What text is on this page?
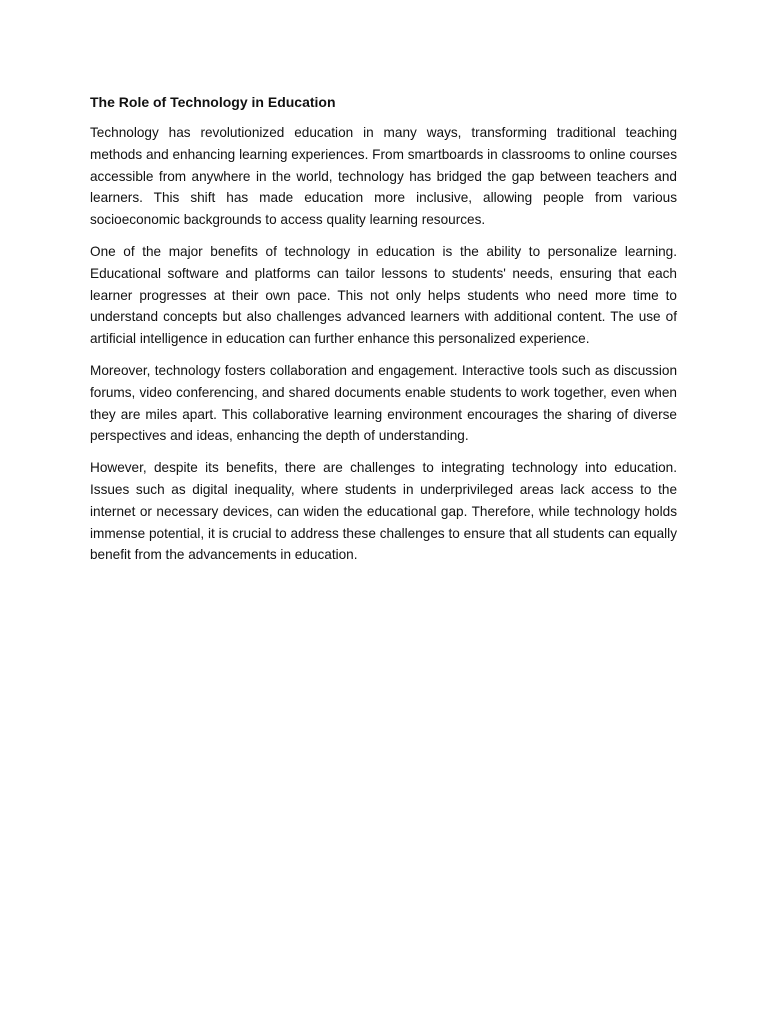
The Role of Technology in Education

Technology has revolutionized education in many ways, transforming traditional teaching methods and enhancing learning experiences. From smartboards in classrooms to online courses accessible from anywhere in the world, technology has bridged the gap between teachers and learners. This shift has made education more inclusive, allowing people from various socioeconomic backgrounds to access quality learning resources.

One of the major benefits of technology in education is the ability to personalize learning. Educational software and platforms can tailor lessons to students' needs, ensuring that each learner progresses at their own pace. This not only helps students who need more time to understand concepts but also challenges advanced learners with additional content. The use of artificial intelligence in education can further enhance this personalized experience.

Moreover, technology fosters collaboration and engagement. Interactive tools such as discussion forums, video conferencing, and shared documents enable students to work together, even when they are miles apart. This collaborative learning environment encourages the sharing of diverse perspectives and ideas, enhancing the depth of understanding.

However, despite its benefits, there are challenges to integrating technology into education. Issues such as digital inequality, where students in underprivileged areas lack access to the internet or necessary devices, can widen the educational gap. Therefore, while technology holds immense potential, it is crucial to address these challenges to ensure that all students can equally benefit from the advancements in education.
